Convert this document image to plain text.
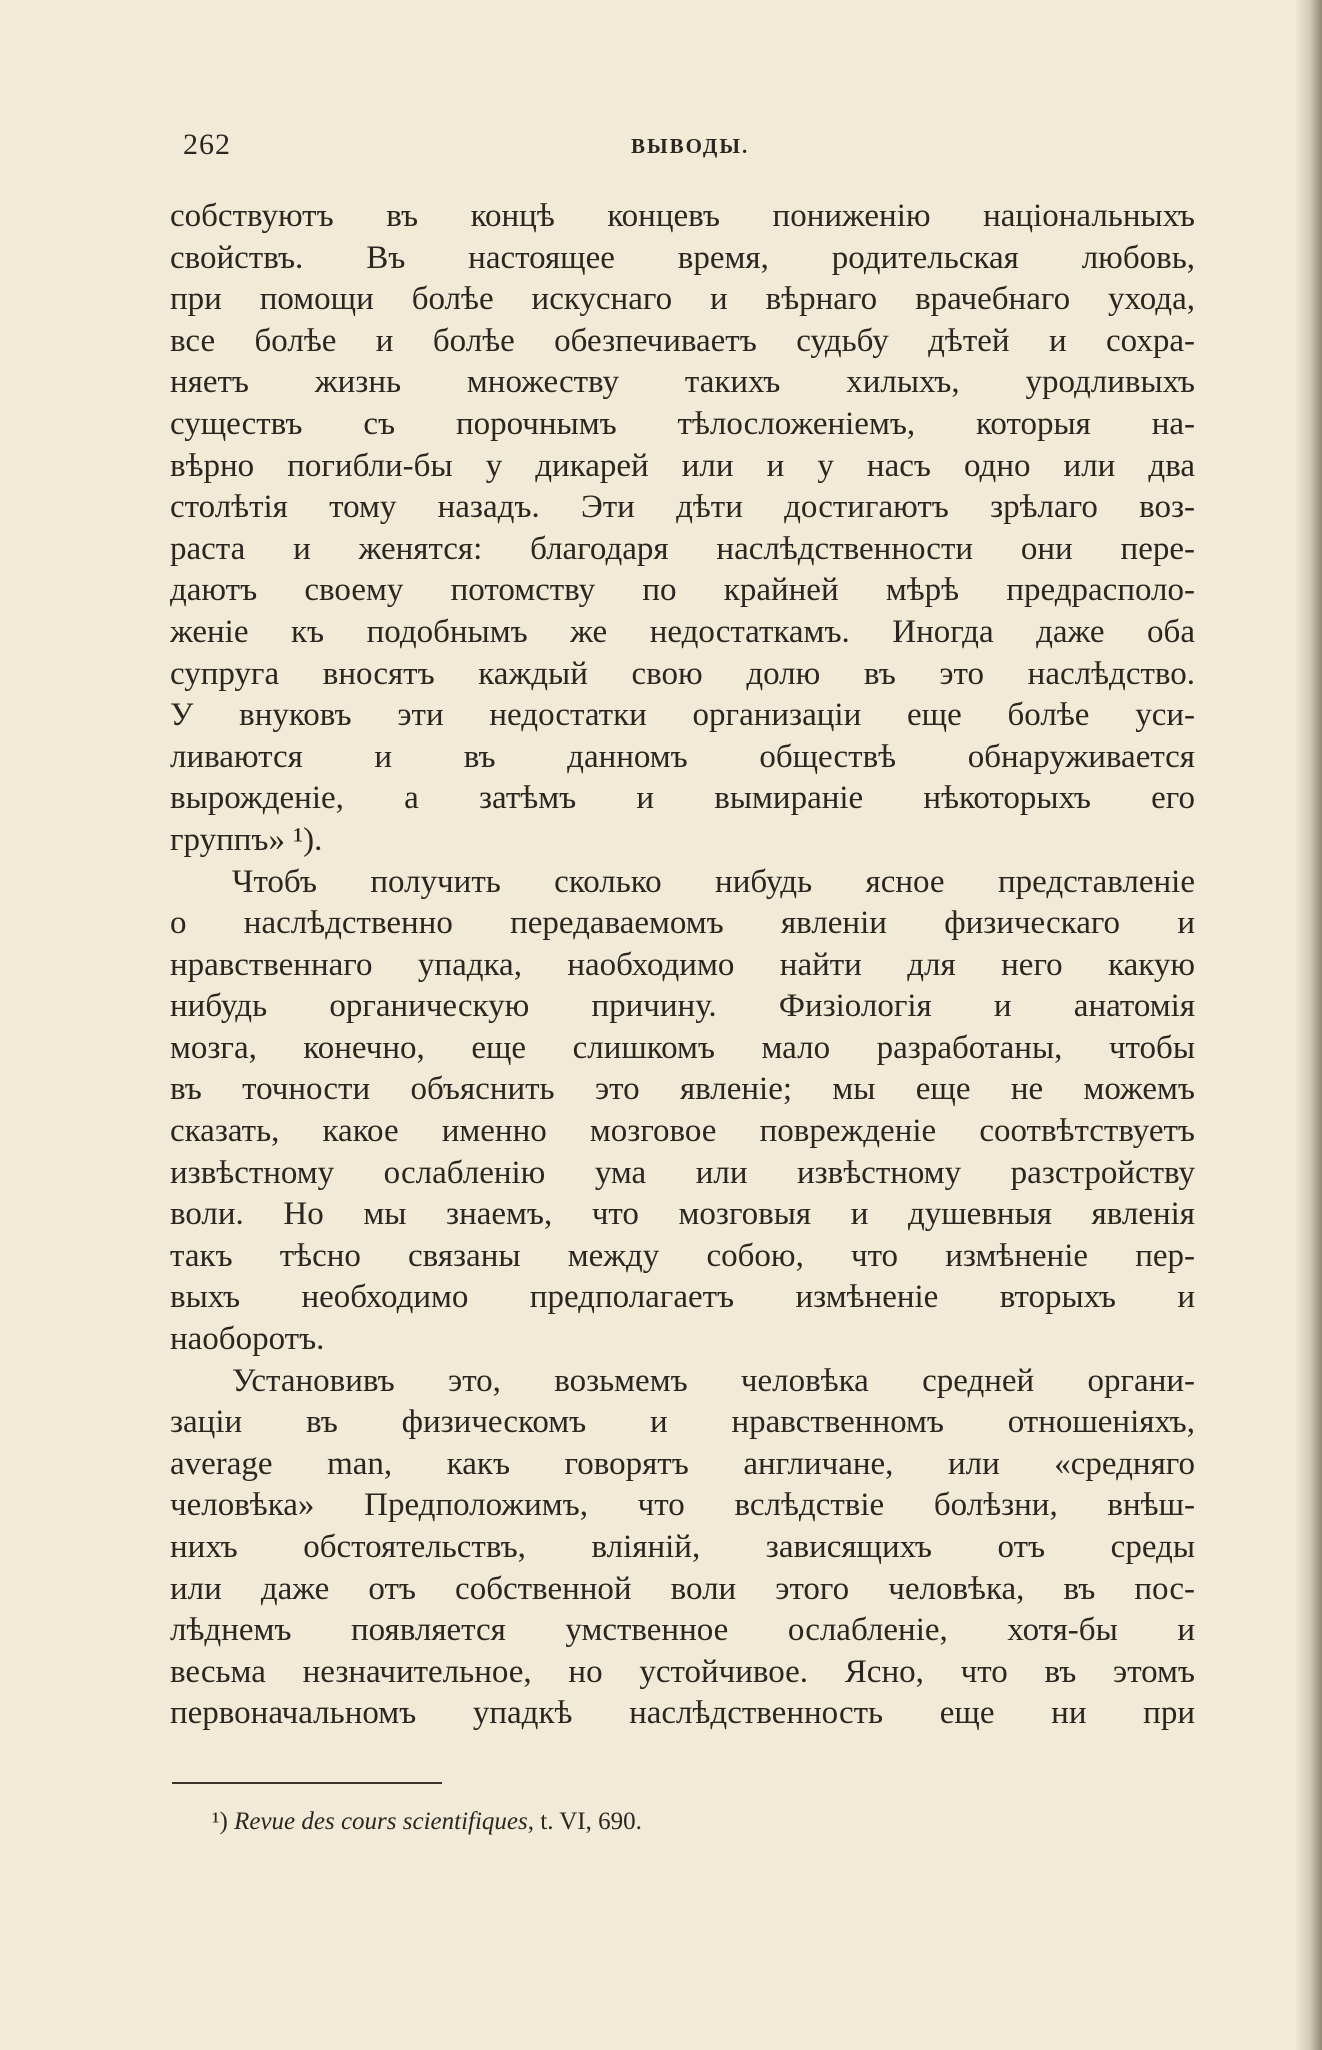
262	ВЫВОДЫ.
собствуютъ въ концѣ концевъ пониженію національныхъ
свойствъ. Въ настоящее время, родительская любовь,
при помощи болѣе искуснаго и вѣрнаго врачебнаго ухода,
все болѣе и болѣе обезпечиваетъ судьбу дѣтей и сохра-
няетъ жизнь множеству такихъ хилыхъ, уродливыхъ
существъ съ порочнымъ тѣлосложеніемъ, которыя на-
вѣрно погибли-бы у дикарей или и у насъ одно или два
столѣтія тому назадъ. Эти дѣти достигаютъ зрѣлаго воз-
раста и женятся: благодаря наслѣдственности они пере-
даютъ своему потомству по крайней мѣрѣ предрасполо-
женіе къ подобнымъ же недостаткамъ. Иногда даже оба
супруга вносятъ каждый свою долю въ это наслѣдство.
У внуковъ эти недостатки организаціи еще болѣе уси-
ливаются и въ данномъ обществѣ обнаруживается
вырожденіе, а затѣмъ и вымираніе нѣкоторыхъ его
группъ» ¹).
Чтобъ получить сколько нибудь ясное представленіе
о наслѣдственно передаваемомъ явленіи физическаго и
нравственнаго упадка, наобходимо найти для него какую
нибудь органическую причину. Физіологія и анатомія
мозга, конечно, еще слишкомъ мало разработаны, чтобы
въ точности объяснить это явленіе; мы еще не можемъ
сказать, какое именно мозговое поврежденіе соотвѣтствуетъ
извѣстному ослабленію ума или извѣстному разстройству
воли. Но мы знаемъ, что мозговыя и душевныя явленія
такъ тѣсно связаны между собою, что измѣненіе пер-
выхъ необходимо предполагаетъ измѣненіе вторыхъ и
наоборотъ.
Установивъ это, возьмемъ человѣка средней органи-
заціи въ физическомъ и нравственномъ отношеніяхъ,
average man, какъ говорятъ англичане, или «средняго
человѣка» Предположимъ, что вслѣдствіе болѣзни, внѣш-
нихъ обстоятельствъ, вліяній, зависящихъ отъ среды
или даже отъ собственной воли этого человѣка, въ пос-
лѣднемъ появляется умственное ослабленіе, хотя-бы и
весьма незначительное, но устойчивое. Ясно, что въ этомъ
первоначальномъ упадкѣ наслѣдственность еще ни при
¹) Revue des cours scientifiques, t. VI, 690.
